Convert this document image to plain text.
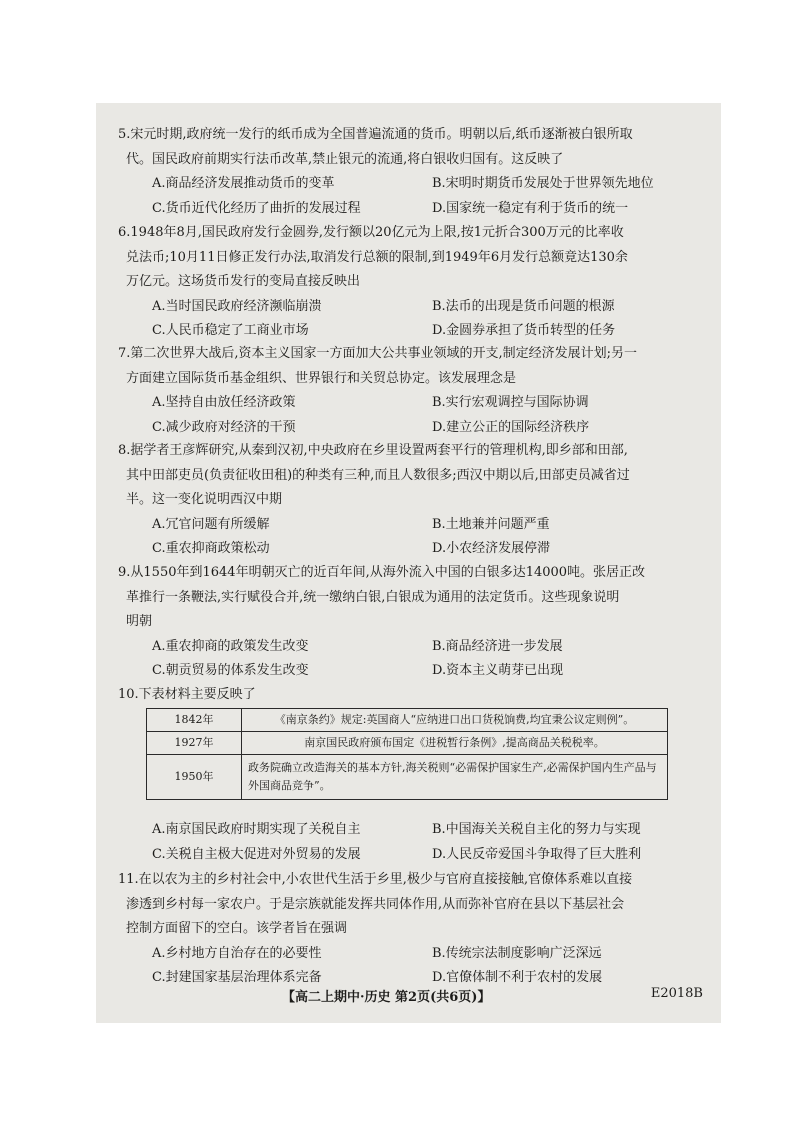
5.宋元时期,政府统一发行的纸币成为全国普遍流通的货币。明朝以后,纸币逐渐被白银所取
代。国民政府前期实行法币改革,禁止银元的流通,将白银收归国有。这反映了
A.商品经济发展推动货币的变革	B.宋明时期货币发展处于世界领先地位
C.货币近代化经历了曲折的发展过程	D.国家统一稳定有利于货币的统一
6.1948年8月,国民政府发行金圆券,发行额以20亿元为上限,按1元折合300万元的比率收
兑法币;10月11日修正发行办法,取消发行总额的限制,到1949年6月发行总额竟达130余
万亿元。这场货币发行的变局直接反映出
A.当时国民政府经济濒临崩溃	B.法币的出现是货币问题的根源
C.人民币稳定了工商业市场	D.金圆券承担了货币转型的任务
7.第二次世界大战后,资本主义国家一方面加大公共事业领域的开支,制定经济发展计划;另一
方面建立国际货币基金组织、世界银行和关贸总协定。该发展理念是
A.坚持自由放任经济政策	B.实行宏观调控与国际协调
C.减少政府对经济的干预	D.建立公正的国际经济秩序
8.据学者王彦辉研究,从秦到汉初,中央政府在乡里设置两套平行的管理机构,即乡部和田部,
其中田部吏员(负责征收田租)的种类有三种,而且人数很多;西汉中期以后,田部吏员减省过
半。这一变化说明西汉中期
A.冗官问题有所缓解	B.土地兼并问题严重
C.重农抑商政策松动	D.小农经济发展停滞
9.从1550年到1644年明朝灭亡的近百年间,从海外流入中国的白银多达14000吨。张居正改
革推行一条鞭法,实行赋役合并,统一缴纳白银,白银成为通用的法定货币。这些现象说明
明朝
A.重农抑商的政策发生改变	B.商品经济进一步发展
C.朝贡贸易的体系发生改变	D.资本主义萌芽已出现
10.下表材料主要反映了
1842年	《南京条约》规定:英国商人“应纳进口出口货税饷费,均宜秉公议定则例”。
1927年	南京国民政府颁布国定《进税暂行条例》,提高商品关税税率。
1950年	政务院确立改造海关的基本方针,海关税则“必需保护国家生产,必需保护国内生产品与外国商品竞争”。
A.南京国民政府时期实现了关税自主	B.中国海关关税自主化的努力与实现
C.关税自主极大促进对外贸易的发展	D.人民反帝爱国斗争取得了巨大胜利
11.在以农为主的乡村社会中,小农世代生活于乡里,极少与官府直接接触,官僚体系难以直接
渗透到乡村每一家农户。于是宗族就能发挥共同体作用,从而弥补官府在县以下基层社会
控制方面留下的空白。该学者旨在强调
A.乡村地方自治存在的必要性	B.传统宗法制度影响广泛深远
C.封建国家基层治理体系完备	D.官僚体制不利于农村的发展
【高二上期中·历史 第2页(共6页)】	E2018B
